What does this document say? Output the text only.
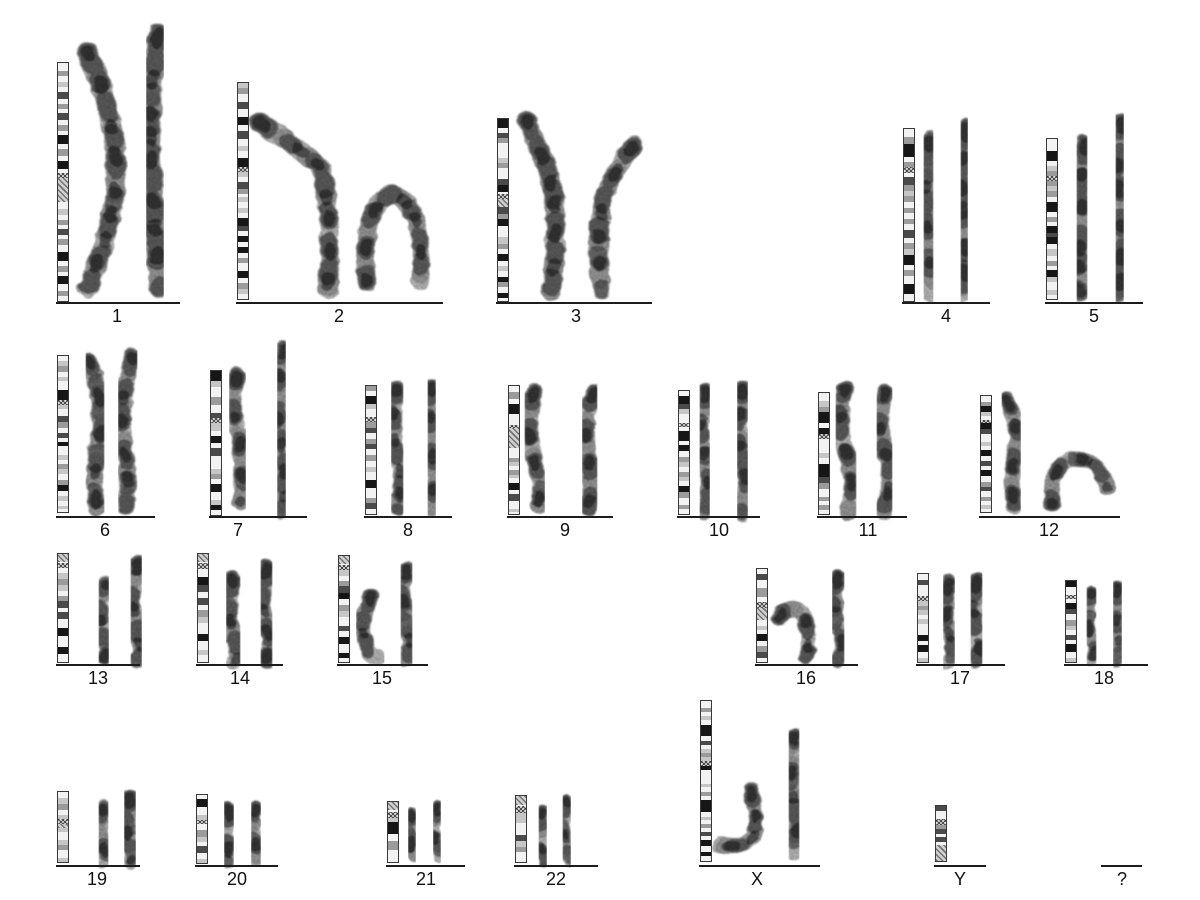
1	2	3	4	5
6	7	8	9	10	11	12
13	14	15	16	17	18
19	20	21	22	X	Y	?
